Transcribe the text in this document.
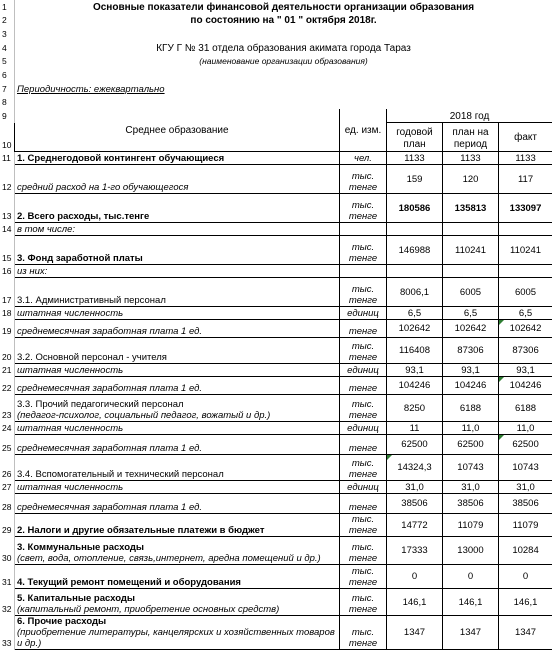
1	Основные показатели финансовой деятельности организации образования				
2	по состоянию на " 01 " октября 2018г.				
3					
4	КГУ Г № 31 отдела образования акимата города Тараз				
5	(наименование организации образования)				
6					
7	Периодичность: ежеквартально				
8					
9	Среднее образование	ед. изм.	2018 год		
10			годовой план	план на период	факт
11	1. Среднегодовой контингент обучающиеся	чел.	1133	1133	1133
12	средний расход на 1-го обучающегося	тыс. тенге	159	120	117
13	2. Всего расходы, тыс.тенге	тыс. тенге	180586	135813	133097
14	в том числе:				
15	3. Фонд заработной платы	тыс. тенге	146988	110241	110241
16	из них:				
17	3.1. Административный персонал	тыс. тенге	8006,1	6005	6005
18	штатная численность	единиц	6,5	6,5	6,5
19	среднемесячная заработная плата 1 ед.	тенге	102642	102642	102642
20	3.2. Основной персонал - учителя	тыс. тенге	116408	87306	87306
21	штатная численность	единиц	93,1	93,1	93,1
22	среднемесячная заработная плата 1 ед.	тенге	104246	104246	104246
23	3.3. Прочий педагогический персонал
(педагог-психолог, социальный педагог, вожатый и др.)	тыс. тенге	8250	6188	6188
24	штатная численность	единиц	11	11,0	11,0
25	среднемесячная заработная плата 1 ед.	тенге	62500	62500	62500
26	3.4. Вспомогательный и технический персонал	тыс. тенге	14324,3	10743	10743
27	штатная численность	единиц	31,0	31,0	31,0
28	среднемесячная заработная плата 1 ед.	тенге	38506	38506	38506
29	2. Налоги и другие обязательные платежи в бюджет	тыс. тенге	14772	11079	11079
30	3. Коммунальные расходы
(свет, вода, отопление, связь,интернет, аредна помещений и др.)	тыс. тенге	17333	13000	10284
31	4. Текущий ремонт помещений и оборудования	тыс. тенге	0	0	0
32	5. Капитальные расходы
(капитальный ремонт, приобретение основных средств)	тыс. тенге	146,1	146,1	146,1
33	6. Прочие расходы
(приобретение литературы, канцелярских и хозяйственных товаров и др.)	тыс. тенге	1347	1347	1347
